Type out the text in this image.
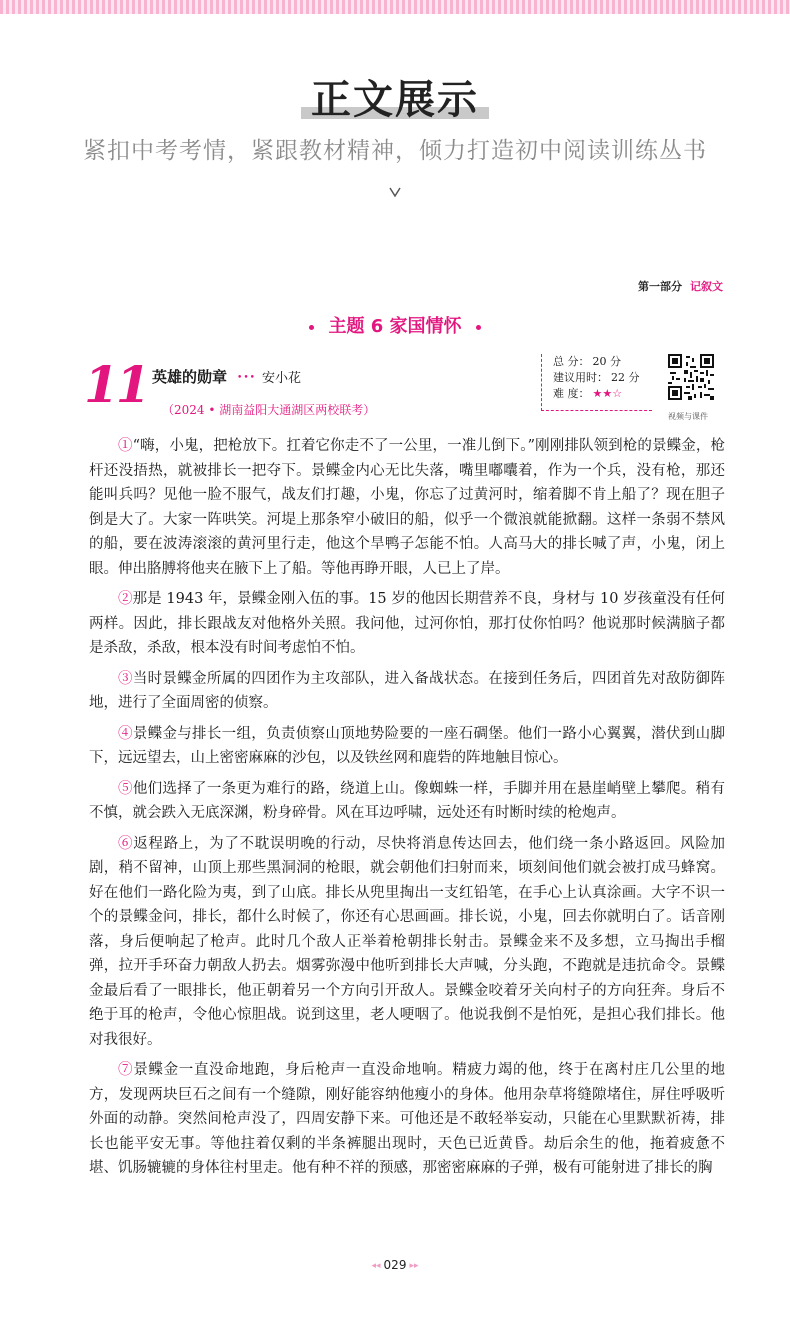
正文展示
紧扣中考考情，紧跟教材精神，倾力打造初中阅读训练丛书
第一部分 记叙文
主题 6 家国情怀
11 英雄的勋章 ••• 安小花
（2024 • 湖南益阳大通湖区两校联考）
总 分： 20 分
建议用时： 22 分
难 度： ★★☆
视频与课件

①“嗨，小鬼，把枪放下。扛着它你走不了一公里，一准儿倒下。”刚刚排队领到枪的景鲽金，枪杆还没捂热，就被排长一把夺下。景鲽金内心无比失落，嘴里嘟囔着，作为一个兵，没有枪，那还能叫兵吗？见他一脸不服气，战友们打趣，小鬼，你忘了过黄河时，缩着脚不肯上船了？现在胆子倒是大了。大家一阵哄笑。河堤上那条窄小破旧的船，似乎一个微浪就能掀翻。这样一条弱不禁风的船，要在波涛滚滚的黄河里行走，他这个旱鸭子怎能不怕。人高马大的排长喊了声，小鬼，闭上眼。伸出胳膊将他夹在腋下上了船。等他再睁开眼，人已上了岸。

②那是 1943 年，景鲽金刚入伍的事。15 岁的他因长期营养不良，身材与 10 岁孩童没有任何两样。因此，排长跟战友对他格外关照。我问他，过河你怕，那打仗你怕吗？他说那时候满脑子都是杀敌，杀敌，根本没有时间考虑怕不怕。

③当时景鲽金所属的四团作为主攻部队，进入备战状态。在接到任务后，四团首先对敌防御阵地，进行了全面周密的侦察。

④景鲽金与排长一组，负责侦察山顶地势险要的一座石碉堡。他们一路小心翼翼，潜伏到山脚下，远远望去，山上密密麻麻的沙包，以及铁丝网和鹿砦的阵地触目惊心。

⑤他们选择了一条更为难行的路，绕道上山。像蜘蛛一样，手脚并用在悬崖峭壁上攀爬。稍有不慎，就会跌入无底深渊，粉身碎骨。风在耳边呼啸，远处还有时断时续的枪炮声。

⑥返程路上，为了不耽误明晚的行动，尽快将消息传达回去，他们绕一条小路返回。风险加剧，稍不留神，山顶上那些黑洞洞的枪眼，就会朝他们扫射而来，顷刻间他们就会被打成马蜂窝。好在他们一路化险为夷，到了山底。排长从兜里掏出一支红铅笔，在手心上认真涂画。大字不识一个的景鲽金问，排长，都什么时候了，你还有心思画画。排长说，小鬼，回去你就明白了。话音刚落，身后便响起了枪声。此时几个敌人正举着枪朝排长射击。景鲽金来不及多想，立马掏出手榴弹，拉开手环奋力朝敌人扔去。烟雾弥漫中他听到排长大声喊，分头跑，不跑就是违抗命令。景鲽金最后看了一眼排长，他正朝着另一个方向引开敌人。景鲽金咬着牙关向村子的方向狂奔。身后不绝于耳的枪声，令他心惊胆战。说到这里，老人哽咽了。他说我倒不是怕死，是担心我们排长。他对我很好。

⑦景鲽金一直没命地跑，身后枪声一直没命地响。精疲力竭的他，终于在离村庄几公里的地方，发现两块巨石之间有一个缝隙，刚好能容纳他瘦小的身体。他用杂草将缝隙堵住，屏住呼吸听外面的动静。突然间枪声没了，四周安静下来。可他还是不敢轻举妄动，只能在心里默默祈祷，排长也能平安无事。等他拄着仅剩的半条裤腿出现时，天色已近黄昏。劫后余生的他，拖着疲惫不堪、饥肠辘辘的身体往村里走。他有种不祥的预感，那密密麻麻的子弹，极有可能射进了排长的胸

◂◂ 029 ▸▸
